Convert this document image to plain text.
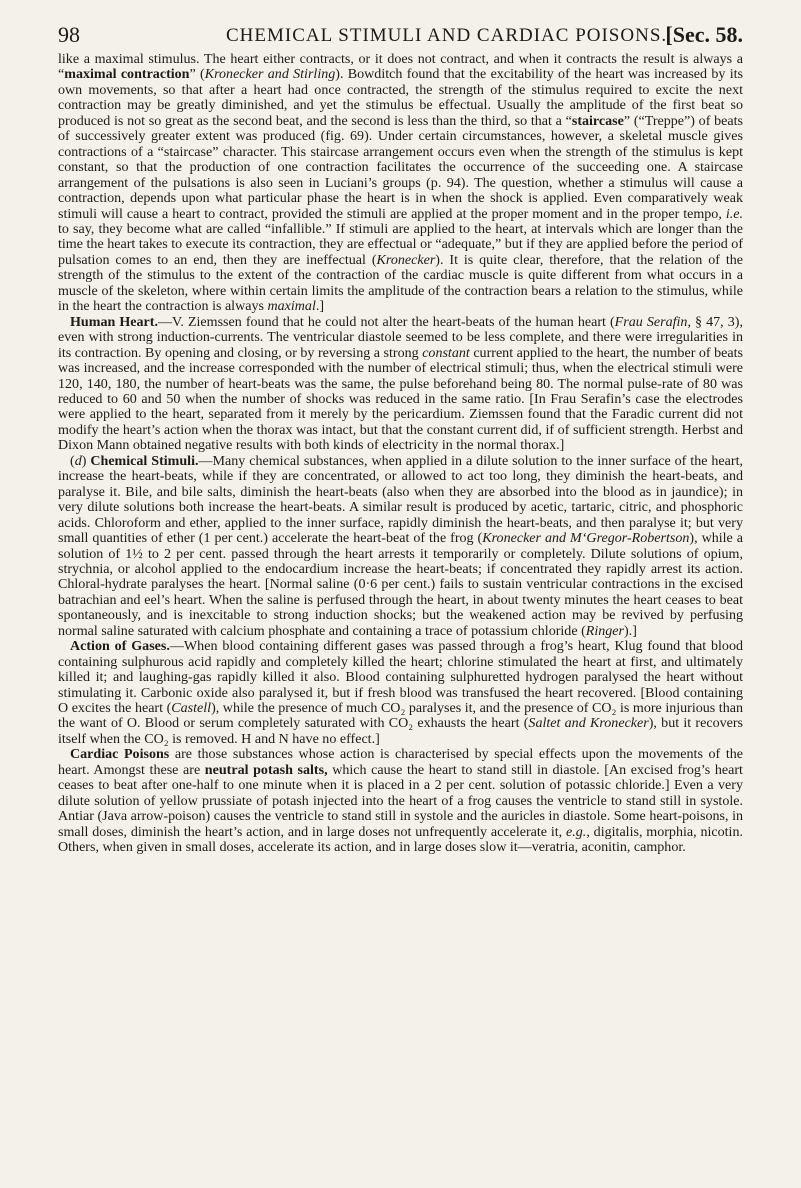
98	CHEMICAL STIMULI AND CARDIAC POISONS.
[Sec. 58.

like a maximal stimulus. The heart either contracts, or it does not contract, and when it contracts the result is always a “maximal contraction” (Kronecker and Stirling). Bowditch found that the excitability of the heart was increased by its own movements, so that after a heart had once contracted, the strength of the stimulus required to excite the next contraction may be greatly diminished, and yet the stimulus be effectual. Usually the amplitude of the first beat so produced is not so great as the second beat, and the second is less than the third, so that a “staircase” (“Treppe”) of beats of successively greater extent was produced (fig. 69). Under certain circumstances, however, a skeletal muscle gives contractions of a “staircase” character. This staircase arrangement occurs even when the strength of the stimulus is kept constant, so that the production of one contraction facilitates the occurrence of the succeeding one. A staircase arrangement of the pulsations is also seen in Luciani’s groups (p. 94). The question, whether a stimulus will cause a contraction, depends upon what particular phase the heart is in when the shock is applied. Even comparatively weak stimuli will cause a heart to contract, provided the stimuli are applied at the proper moment and in the proper tempo, i.e. to say, they become what are called “infallible.” If stimuli are applied to the heart, at intervals which are longer than the time the heart takes to execute its contraction, they are effectual or “adequate,” but if they are applied before the period of pulsation comes to an end, then they are ineffectual (Kronecker). It is quite clear, therefore, that the relation of the strength of the stimulus to the extent of the contraction of the cardiac muscle is quite different from what occurs in a muscle of the skeleton, where within certain limits the amplitude of the contraction bears a relation to the stimulus, while in the heart the contraction is always maximal.]

Human Heart.—V. Ziemssen found that he could not alter the heart-beats of the human heart (Frau Serafin, § 47, 3), even with strong induction-currents. The ventricular diastole seemed to be less complete, and there were irregularities in its contraction. By opening and closing, or by reversing a strong constant current applied to the heart, the number of beats was increased, and the increase corresponded with the number of electrical stimuli; thus, when the electrical stimuli were 120, 140, 180, the number of heart-beats was the same, the pulse beforehand being 80. The normal pulse-rate of 80 was reduced to 60 and 50 when the number of shocks was reduced in the same ratio. [In Frau Serafin’s case the electrodes were applied to the heart, separated from it merely by the pericardium. Ziemssen found that the Faradic current did not modify the heart’s action when the thorax was intact, but that the constant current did, if of sufficient strength. Herbst and Dixon Mann obtained negative results with both kinds of electricity in the normal thorax.]

(d) Chemical Stimuli.—Many chemical substances, when applied in a dilute solution to the inner surface of the heart, increase the heart-beats, while if they are concentrated, or allowed to act too long, they diminish the heart-beats, and paralyse it. Bile, and bile salts, diminish the heart-beats (also when they are absorbed into the blood as in jaundice); in very dilute solutions both increase the heart-beats. A similar result is produced by acetic, tartaric, citric, and phosphoric acids. Chloroform and ether, applied to the inner surface, rapidly diminish the heart-beats, and then paralyse it; but very small quantities of ether (1 per cent.) accelerate the heart-beat of the frog (Kronecker and M‘Gregor-Robertson), while a solution of 1½ to 2 per cent. passed through the heart arrests it temporarily or completely. Dilute solutions of opium, strychnia, or alcohol applied to the endocardium increase the heart-beats; if concentrated they rapidly arrest its action. Chloral-hydrate paralyses the heart. [Normal saline (0·6 per cent.) fails to sustain ventricular contractions in the excised batrachian and eel’s heart. When the saline is perfused through the heart, in about twenty minutes the heart ceases to beat spontaneously, and is inexcitable to strong induction shocks; but the weakened action may be revived by perfusing normal saline saturated with calcium phosphate and containing a trace of potassium chloride (Ringer).]

Action of Gases.—When blood containing different gases was passed through a frog’s heart, Klug found that blood containing sulphurous acid rapidly and completely killed the heart; chlorine stimulated the heart at first, and ultimately killed it; and laughing-gas rapidly killed it also. Blood containing sulphuretted hydrogen paralysed the heart without stimulating it. Carbonic oxide also paralysed it, but if fresh blood was transfused the heart recovered. [Blood containing O excites the heart (Castell), while the presence of much CO₂ paralyses it, and the presence of CO₂ is more injurious than the want of O. Blood or serum completely saturated with CO₂ exhausts the heart (Saltet and Kronecker), but it recovers itself when the CO₂ is removed. H and N have no effect.]

Cardiac Poisons are those substances whose action is characterised by special effects upon the movements of the heart. Amongst these are neutral potash salts, which cause the heart to stand still in diastole. [An excised frog’s heart ceases to beat after one-half to one minute when it is placed in a 2 per cent. solution of potassic chloride.] Even a very dilute solution of yellow prussiate of potash injected into the heart of a frog causes the ventricle to stand still in systole. Antiar (Java arrow-poison) causes the ventricle to stand still in systole and the auricles in diastole. Some heart-poisons, in small doses, diminish the heart’s action, and in large doses not unfrequently accelerate it, e.g., digitalis, morphia, nicotin. Others, when given in small doses, accelerate its action, and in large doses slow it—veratria, aconitin, camphor.
